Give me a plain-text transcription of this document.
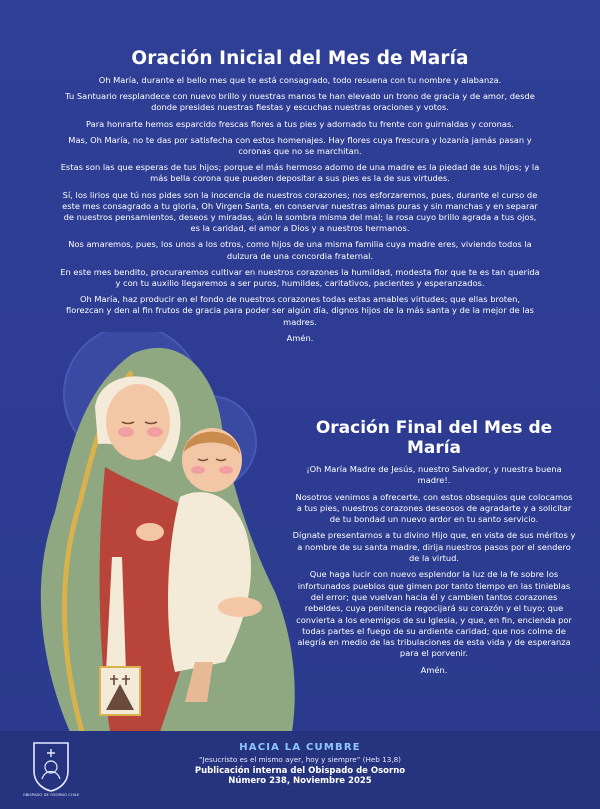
Oración Inicial del Mes de María

Oh María, durante el bello mes que te está consagrado, todo resuena con tu nombre y alabanza.

Tu Santuario resplandece con nuevo brillo y nuestras manos te han elevado un trono de gracia y de amor, desde donde presides nuestras fiestas y escuchas nuestras oraciones y votos.

Para honrarte hemos esparcido frescas flores a tus pies y adornado tu frente con guirnaldas y coronas.

Mas, Oh María, no te das por satisfecha con estos homenajes. Hay flores cuya frescura y lozanía jamás pasan y coronas que no se marchitan.

Estas son las que esperas de tus hijos; porque el más hermoso adorno de una madre es la piedad de sus hijos; y la más bella corona que pueden depositar a sus pies es la de sus virtudes.

Sí, los lirios que tú nos pides son la inocencia de nuestros corazones; nos esforzaremos, pues, durante el curso de este mes consagrado a tu gloria, Oh Virgen Santa, en conservar nuestras almas puras y sin manchas y en separar de nuestros pensamientos, deseos y miradas, aún la sombra misma del mal; la rosa cuyo brillo agrada a tus ojos, es la caridad, el amor a Dios y a nuestros hermanos.

Nos amaremos, pues, los unos a los otros, como hijos de una misma familia cuya madre eres, viviendo todos la dulzura de una concordia fraternal.

En este mes bendito, procuraremos cultivar en nuestros corazones la humildad, modesta flor que te es tan querida y con tu auxilio llegaremos a ser puros, humildes, caritativos, pacientes y esperanzados.

Oh María, haz producir en el fondo de nuestros corazones todas estas amables virtudes; que ellas broten, florezcan y den al fin frutos de gracia para poder ser algún día, dignos hijos de la más santa y de la mejor de las madres.

Amén.

Oración Final del Mes de María

¡Oh María Madre de Jesús, nuestro Salvador, y nuestra buena madre!.

Nosotros venimos a ofrecerte, con estos obsequios que colocamos a tus pies, nuestros corazones deseosos de agradarte y a solicitar de tu bondad un nuevo ardor en tu santo servicio.

Dígnate presentarnos a tu divino Hijo que, en vista de sus méritos y a nombre de su santa madre, dirija nuestros pasos por el sendero de la virtud.

Que haga lucir con nuevo esplendor la luz de la fe sobre los infortunados pueblos que gimen por tanto tiempo en las tinieblas del error; que vuelvan hacia él y cambien tantos corazones rebeldes, cuya penitencia regocijará su corazón y el tuyo; que convierta a los enemigos de su Iglesia, y que, en fin, encienda por todas partes el fuego de su ardiente caridad; que nos colme de alegría en medio de las tribulaciones de esta vida y de esperanza para el porvenir.

Amén.

OBISPADO DE OSORNO CHILE
HACIA LA CUMBRE
“Jesucristo es el mismo ayer, hoy y siempre” (Heb 13,8)
Publicación interna del Obispado de Osorno
Número 238, Noviembre 2025
